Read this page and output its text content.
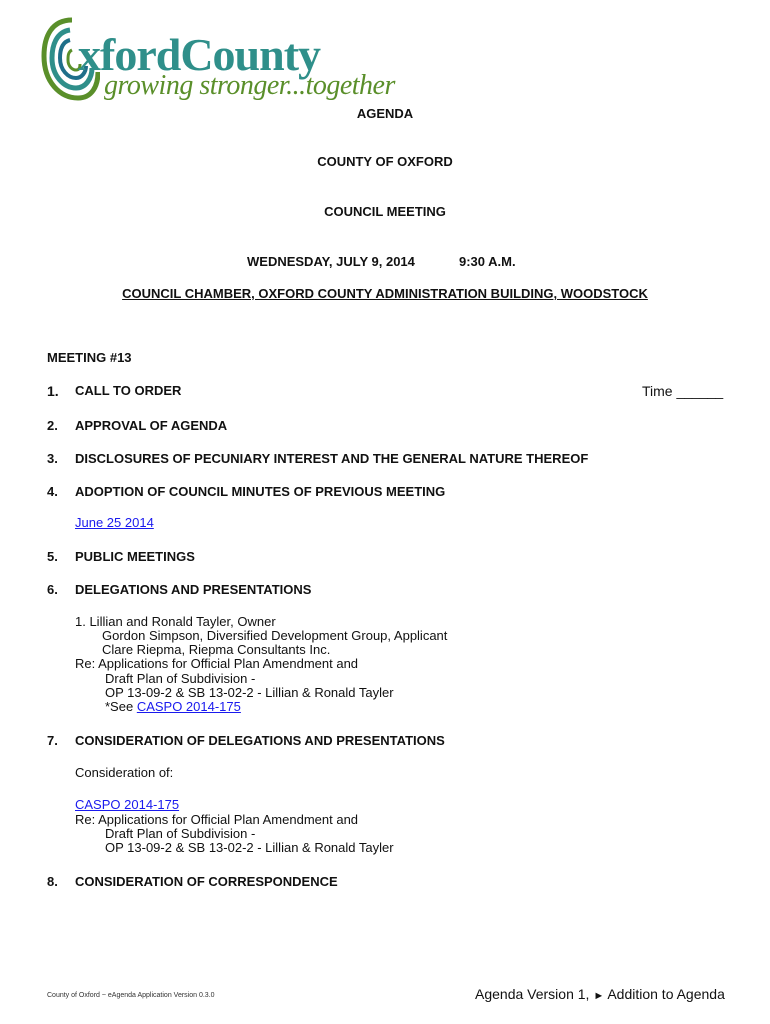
xfordCounty
growing stronger...together
AGENDA
COUNTY OF OXFORD
COUNCIL MEETING
WEDNESDAY, JULY 9, 2014	9:30 A.M.
COUNCIL CHAMBER, OXFORD COUNTY ADMINISTRATION BUILDING, WOODSTOCK
MEETING #13
1. CALL TO ORDER	Time ______
2. APPROVAL OF AGENDA
3. DISCLOSURES OF PECUNIARY INTEREST AND THE GENERAL NATURE THEREOF
4. ADOPTION OF COUNCIL MINUTES OF PREVIOUS MEETING
June 25 2014
5. PUBLIC MEETINGS
6. DELEGATIONS AND PRESENTATIONS
1. Lillian and Ronald Tayler, Owner
Gordon Simpson, Diversified Development Group, Applicant
Clare Riepma, Riepma Consultants Inc.
Re: Applications for Official Plan Amendment and
Draft Plan of Subdivision -
OP 13-09-2 & SB 13-02-2 - Lillian & Ronald Tayler
*See CASPO 2014-175
7. CONSIDERATION OF DELEGATIONS AND PRESENTATIONS
Consideration of:
CASPO 2014-175
Re: Applications for Official Plan Amendment and
Draft Plan of Subdivision -
OP 13-09-2 & SB 13-02-2 - Lillian & Ronald Tayler
8. CONSIDERATION OF CORRESPONDENCE
County of Oxford ~ eAgenda Application Version 0.3.0	Agenda Version 1, ► Addition to Agenda
